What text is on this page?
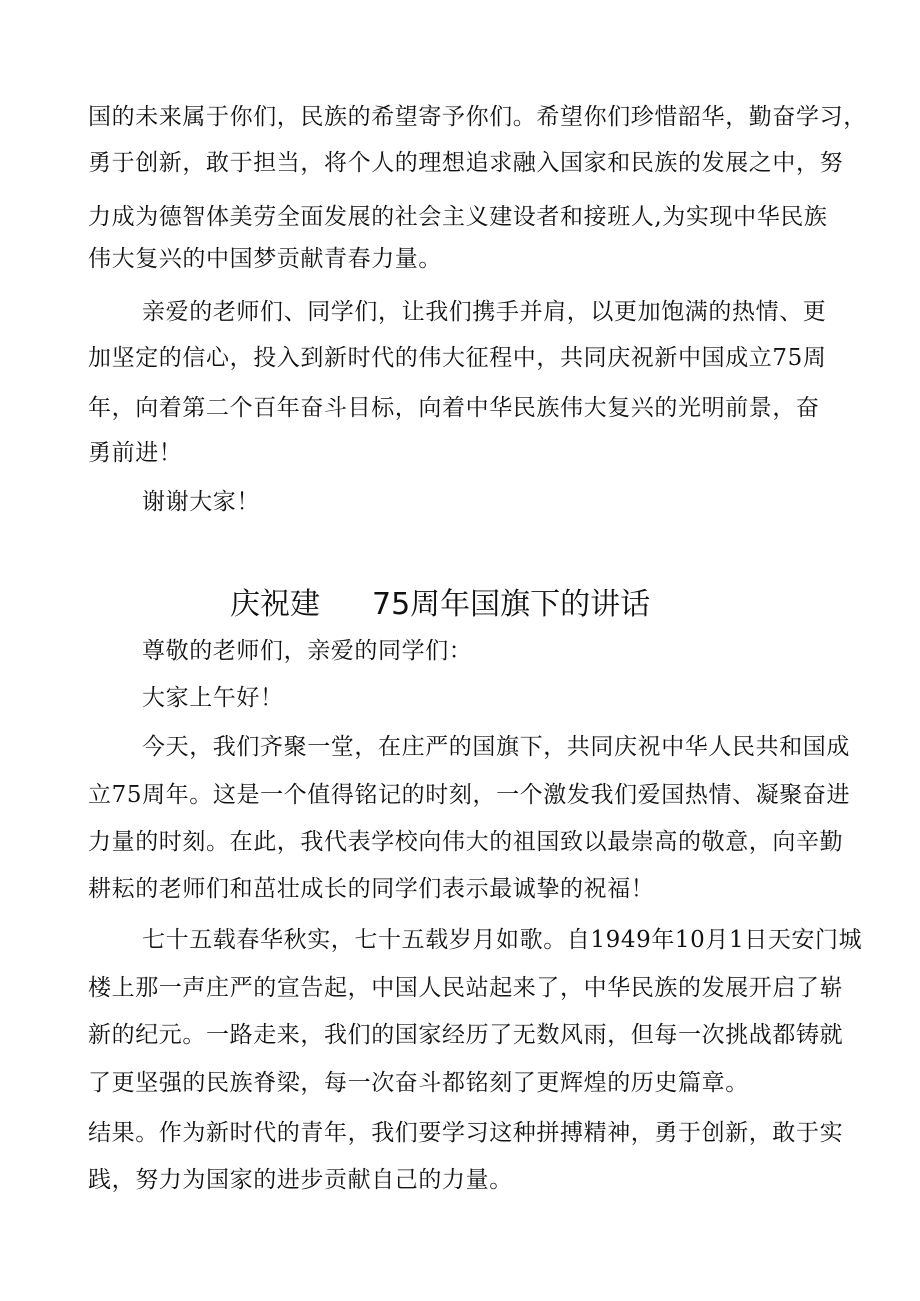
国的未来属于你们，民族的希望寄予你们。希望你们珍惜韶华，勤奋学习，
勇于创新，敢于担当，将个人的理想追求融入国家和民族的发展之中，努
力成为德智体美劳全面发展的社会主义建设者和接班人,为实现中华民族
伟大复兴的中国梦贡献青春力量。
亲爱的老师们、同学们，让我们携手并肩，以更加饱满的热情、更
加坚定的信心，投入到新时代的伟大征程中，共同庆祝新中国成立75周
年，向着第二个百年奋斗目标，向着中华民族伟大复兴的光明前景，奋
勇前进！
谢谢大家！
庆祝建 75周年国旗下的讲话
尊敬的老师们，亲爱的同学们：
大家上午好！
今天，我们齐聚一堂，在庄严的国旗下，共同庆祝中华人民共和国成
立75周年。这是一个值得铭记的时刻，一个激发我们爱国热情、凝聚奋进
力量的时刻。在此，我代表学校向伟大的祖国致以最崇高的敬意，向辛勤
耕耘的老师们和茁壮成长的同学们表示最诚挚的祝福！
七十五载春华秋实，七十五载岁月如歌。自1949年10月1日天安门城
楼上那一声庄严的宣告起，中国人民站起来了，中华民族的发展开启了崭
新的纪元。一路走来，我们的国家经历了无数风雨，但每一次挑战都铸就
了更坚强的民族脊梁，每一次奋斗都铭刻了更辉煌的历史篇章。
结果。作为新时代的青年，我们要学习这种拼搏精神，勇于创新，敢于实
践，努力为国家的进步贡献自己的力量。
